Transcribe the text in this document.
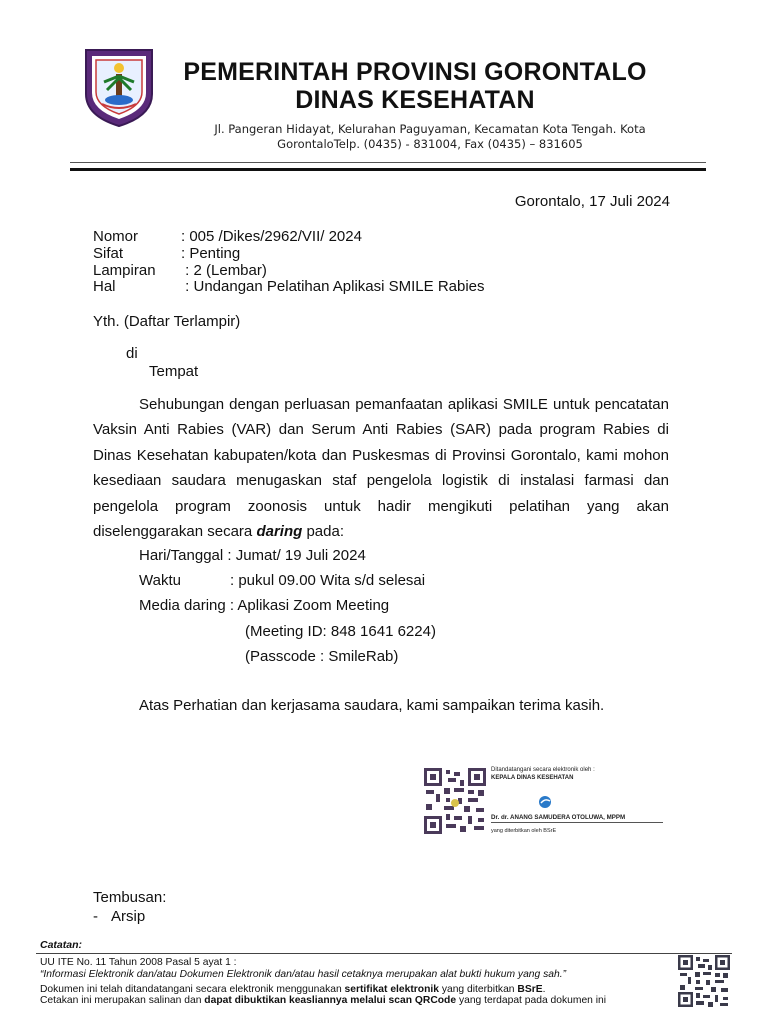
PEMERINTAH PROVINSI GORONTALO
DINAS KESEHATAN
Jl. Pangeran Hidayat, Kelurahan Paguyaman, Kecamatan Kota Tengah. Kota
GorontaloTelp. (0435) - 831004, Fax (0435) – 831605
Gorontalo, 17 Juli 2024
Nomor	: 005 /Dikes/2962/VII/ 2024
Sifat	: Penting
Lampiran : 2 (Lembar)
Hal	: Undangan Pelatihan Aplikasi SMILE Rabies
Yth. (Daftar Terlampir)
di
Tempat
Sehubungan dengan perluasan pemanfaatan aplikasi SMILE untuk pencatatan Vaksin Anti Rabies (VAR) dan Serum Anti Rabies (SAR) pada program Rabies di Dinas Kesehatan kabupaten/kota dan Puskesmas di Provinsi Gorontalo, kami mohon kesediaan saudara menugaskan staf pengelola logistik di instalasi farmasi dan pengelola program zoonosis untuk hadir mengikuti pelatihan yang akan diselenggarakan secara daring pada:
Hari/Tanggal : Jumat/ 19 Juli 2024
Waktu	: pukul 09.00 Wita s/d selesai
Media daring : Aplikasi Zoom Meeting
(Meeting ID: 848 1641 6224)
(Passcode : SmileRab)
Atas Perhatian dan kerjasama saudara, kami sampaikan terima kasih.
Ditandatangani secara elektronik oleh :
KEPALA DINAS KESEHATAN
Dr. dr. ANANG SAMUDERA OTOLUWA, MPPM
yang diterbitkan oleh BSrE
Tembusan:
- Arsip
Catatan:
UU ITE No. 11 Tahun 2008 Pasal 5 ayat 1 :
“Informasi Elektronik dan/atau Dokumen Elektronik dan/atau hasil cetaknya merupakan alat bukti hukum yang sah.”
Dokumen ini telah ditandatangani secara elektronik menggunakan sertifikat elektronik yang diterbitkan BSrE.
Cetakan ini merupakan salinan dan dapat dibuktikan keasliannya melalui scan QRCode yang terdapat pada dokumen ini
